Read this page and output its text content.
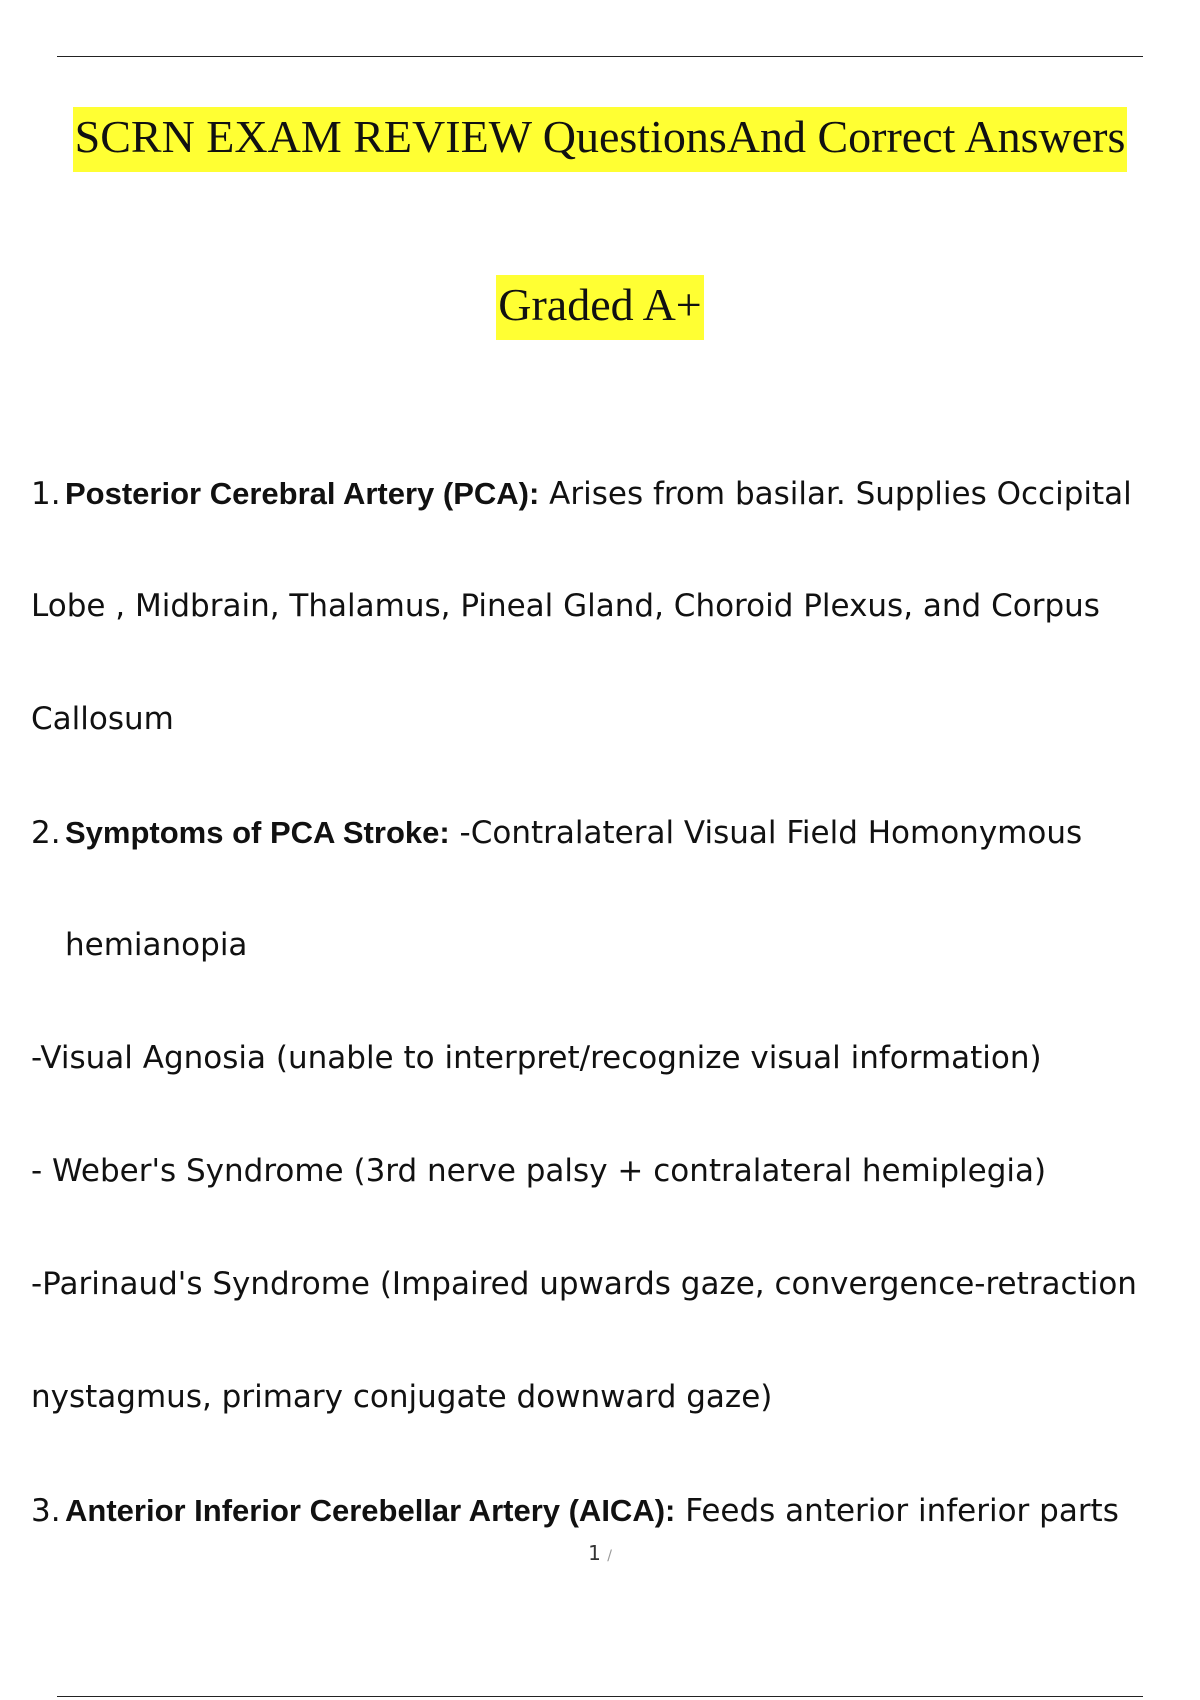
SCRN EXAM REVIEW QuestionsAnd Correct Answers
Graded A+
1. Posterior Cerebral Artery (PCA): Arises from basilar. Supplies Occipital
Lobe , Midbrain, Thalamus, Pineal Gland, Choroid Plexus, and Corpus
Callosum
2. Symptoms of PCA Stroke: -Contralateral Visual Field Homonymous
hemianopia
-Visual Agnosia (unable to interpret/recognize visual information)
- Weber's Syndrome (3rd nerve palsy + contralateral hemiplegia)
-Parinaud's Syndrome (Impaired upwards gaze, convergence-retraction
nystagmus, primary conjugate downward gaze)
3. Anterior Inferior Cerebellar Artery (AICA): Feeds anterior inferior parts
1 /
